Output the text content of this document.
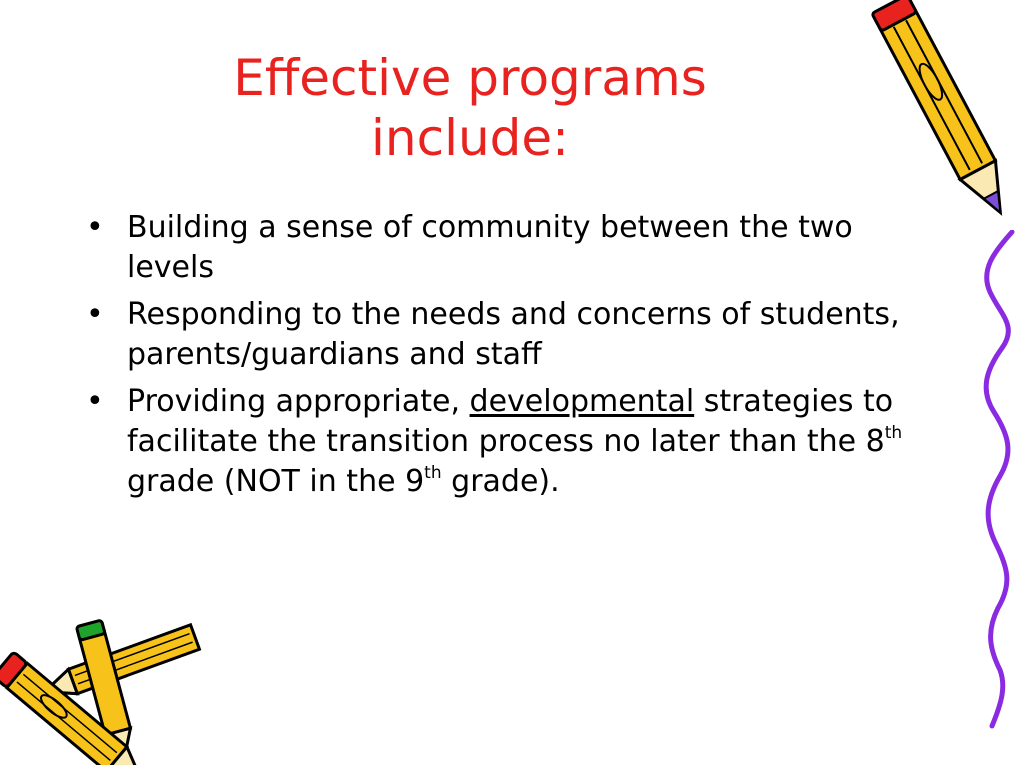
Effective programs
include:
• Building a sense of community between the two levels
• Responding to the needs and concerns of students, parents/guardians and staff
• Providing appropriate, developmental strategies to facilitate the transition process no later than the 8th grade (NOT in the 9th grade).
